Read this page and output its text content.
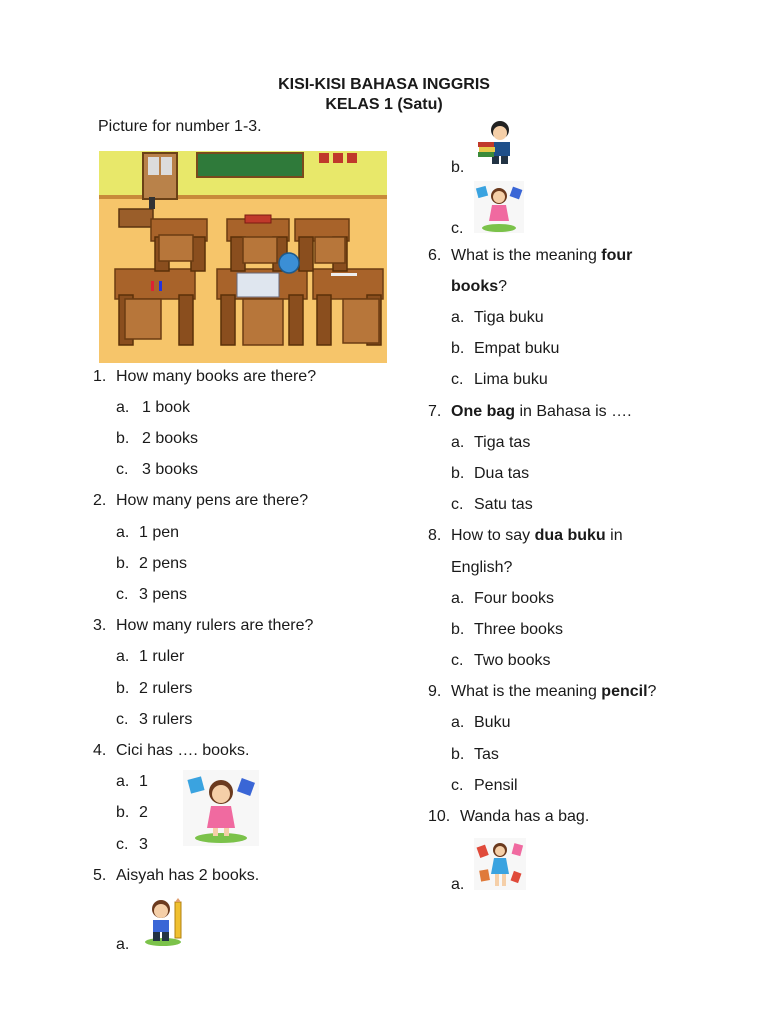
KISI-KISI BAHASA INGGRIS
KELAS 1 (Satu)
Picture for number 1-3.
1. How many books are there?
a. 1 book
b. 2 books
c. 3 books
2. How many pens are there?
a. 1 pen
b. 2 pens
c. 3 pens
3. How many rulers are there?
a. 1 ruler
b. 2 rulers
c. 3 rulers
4. Cici has …. books.
a. 1
b. 2
c. 3
5. Aisyah has 2 books.
a.
b.
c.
6. What is the meaning four
books?
a. Tiga buku
b. Empat buku
c. Lima buku
7. One bag in Bahasa is ….
a. Tiga tas
b. Dua tas
c. Satu tas
8. How to say dua buku in
English?
a. Four books
b. Three books
c. Two books
9. What is the meaning pencil?
a. Buku
b. Tas
c. Pensil
10. Wanda has a bag.
a.
